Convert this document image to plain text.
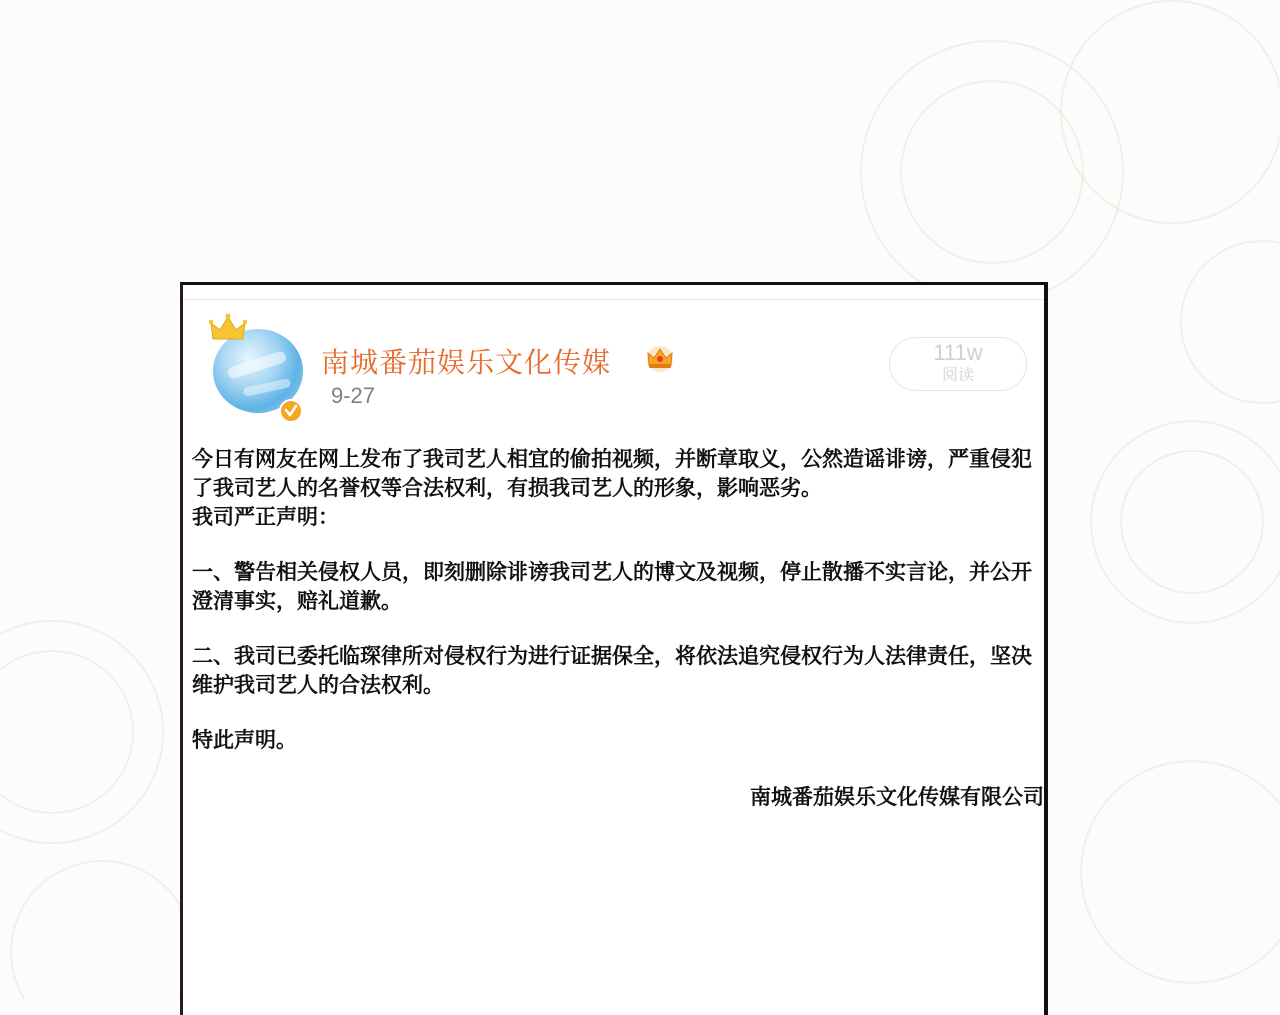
南城番茄娱乐文化传媒
9-27
111w
阅读

今日有网友在网上发布了我司艺人相宜的偷拍视频，并断章取义，公然造谣诽谤，严重侵犯

了我司艺人的名誉权等合法权利，有损我司艺人的形象，影响恶劣。

我司严正声明：

一、警告相关侵权人员，即刻删除诽谤我司艺人的博文及视频，停止散播不实言论，并公开

澄清事实，赔礼道歉。

二、我司已委托临琛律所对侵权行为进行证据保全，将依法追究侵权行为人法律责任，坚决

维护我司艺人的合法权利。

特此声明。

南城番茄娱乐文化传媒有限公司
